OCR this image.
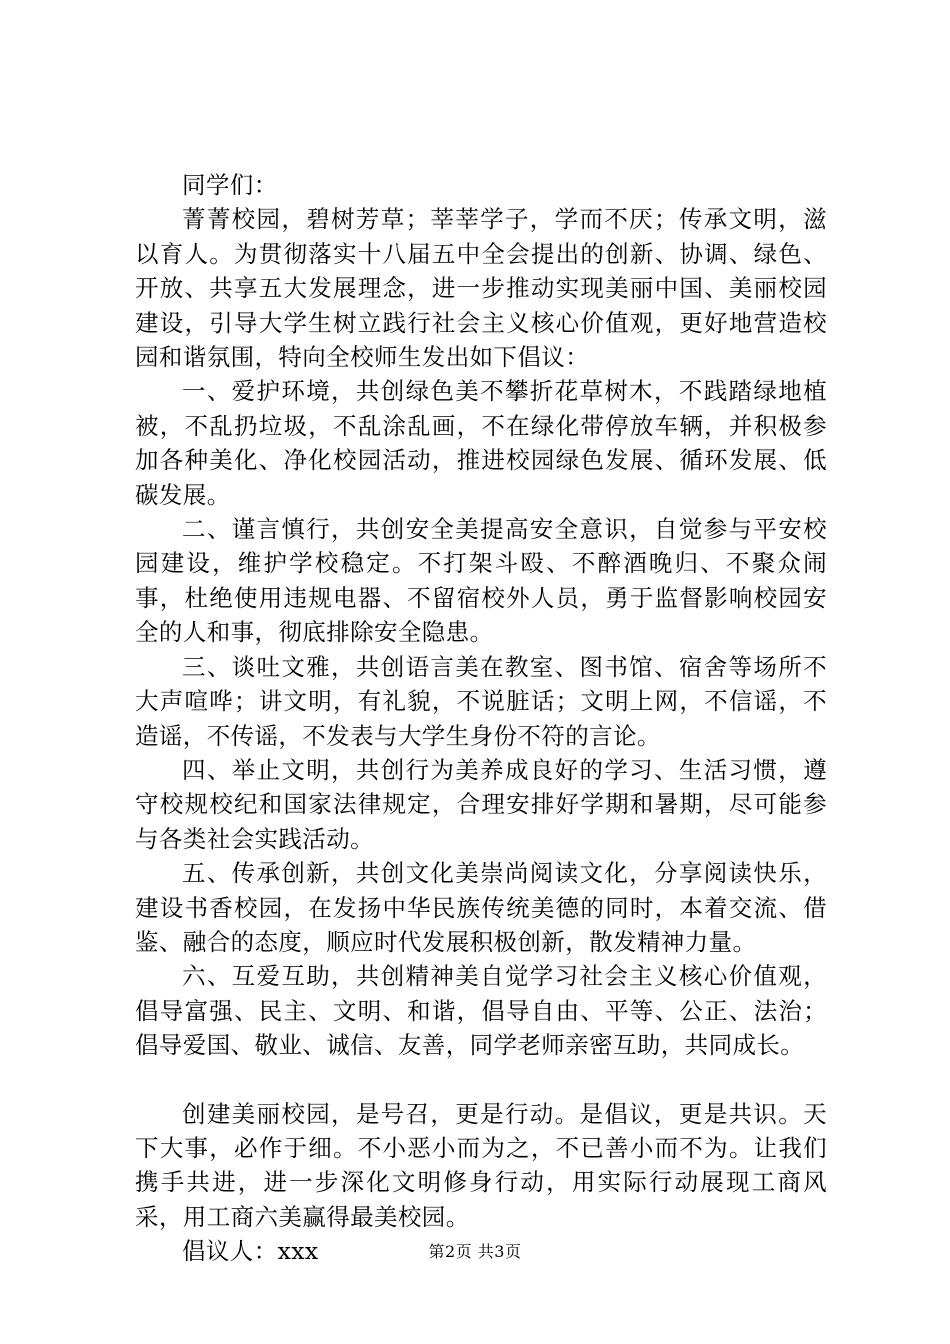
同学们：

菁菁校园，碧树芳草；莘莘学子，学而不厌；传承文明，滋以育人。为贯彻落实十八届五中全会提出的创新、协调、绿色、开放、共享五大发展理念，进一步推动实现美丽中国、美丽校园建设，引导大学生树立践行社会主义核心价值观，更好地营造校园和谐氛围，特向全校师生发出如下倡议：

一、爱护环境，共创绿色美不攀折花草树木，不践踏绿地植被，不乱扔垃圾，不乱涂乱画，不在绿化带停放车辆，并积极参加各种美化、净化校园活动，推进校园绿色发展、循环发展、低碳发展。

二、谨言慎行，共创安全美提高安全意识，自觉参与平安校园建设，维护学校稳定。不打架斗殴、不醉酒晚归、不聚众闹事，杜绝使用违规电器、不留宿校外人员，勇于监督影响校园安全的人和事，彻底排除安全隐患。

三、谈吐文雅，共创语言美在教室、图书馆、宿舍等场所不大声喧哗；讲文明，有礼貌，不说脏话；文明上网，不信谣，不造谣，不传谣，不发表与大学生身份不符的言论。

四、举止文明，共创行为美养成良好的学习、生活习惯，遵守校规校纪和国家法律规定，合理安排好学期和暑期，尽可能参与各类社会实践活动。

五、传承创新，共创文化美崇尚阅读文化，分享阅读快乐，建设书香校园，在发扬中华民族传统美德的同时，本着交流、借鉴、融合的态度，顺应时代发展积极创新，散发精神力量。

六、互爱互助，共创精神美自觉学习社会主义核心价值观，倡导富强、民主、文明、和谐，倡导自由、平等、公正、法治；倡导爱国、敬业、诚信、友善，同学老师亲密互助，共同成长。

创建美丽校园，是号召，更是行动。是倡议，更是共识。天下大事，必作于细。不小恶小而为之，不已善小而不为。让我们携手共进，进一步深化文明修身行动，用实际行动展现工商风采，用工商六美赢得最美校园。

倡议人：xxx	第2页 共3页
